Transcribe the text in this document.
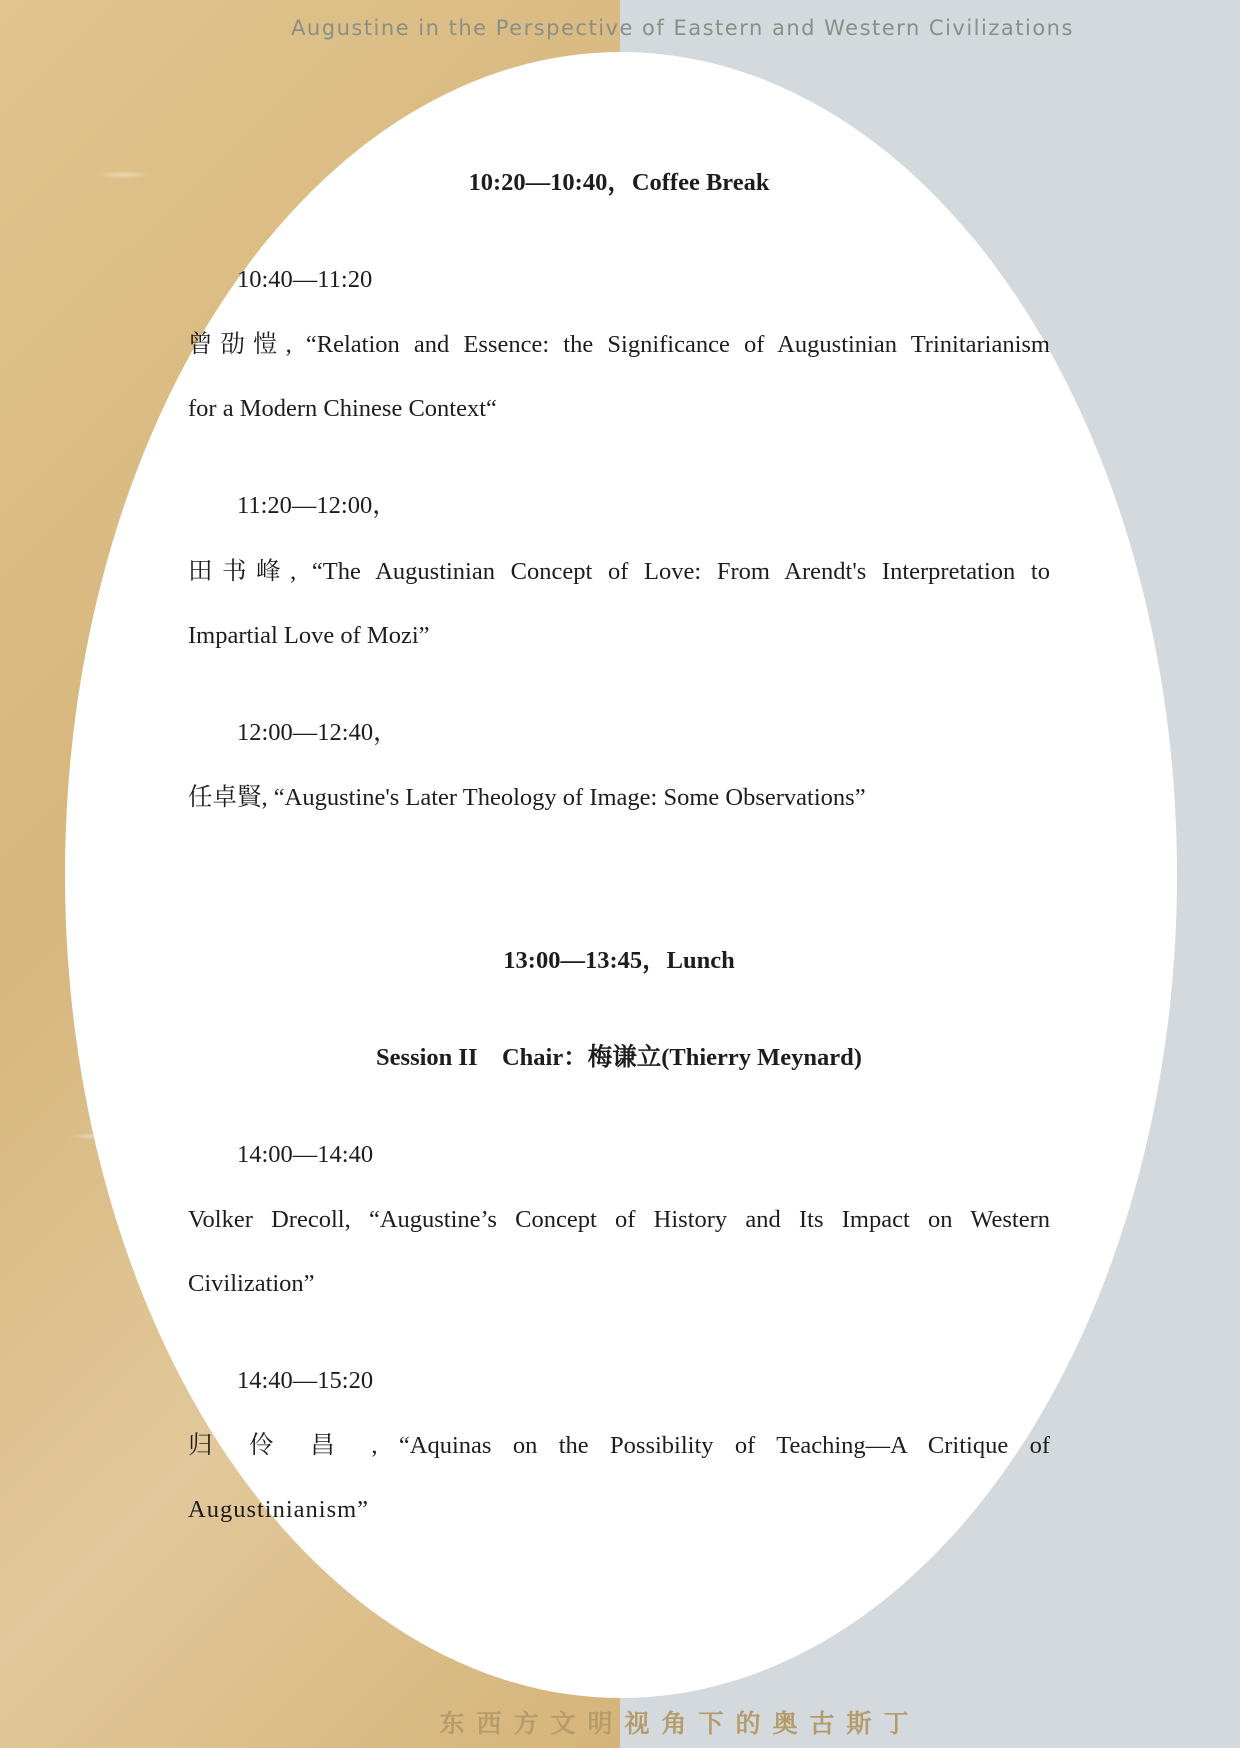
Augustine in the Perspective of Eastern and Western Civilizations
10:20—10:40，Coffee Break
10:40—11:20
曾劭愷, “Relation and Essence: the Significance of Augustinian Trinitarianism
for a Modern Chinese Context“
11:20—12:00，
田书峰, “The Augustinian Concept of Love: From Arendt's Interpretation to
Impartial Love of Mozi”
12:00—12:40，
任卓賢, “Augustine's Later Theology of Image: Some Observations”
13:00—13:45，Lunch
Session II　Chair：梅谦立(Thierry Meynard)
14:00—14:40
Volker Drecoll, “Augustine’s Concept of History and Its Impact on Western
Civilization”
14:40—15:20
归 伶 昌 , “Aquinas on the Possibility of Teaching—A Critique of
Augustinianism”
东西方文明视角下的奥古斯丁
